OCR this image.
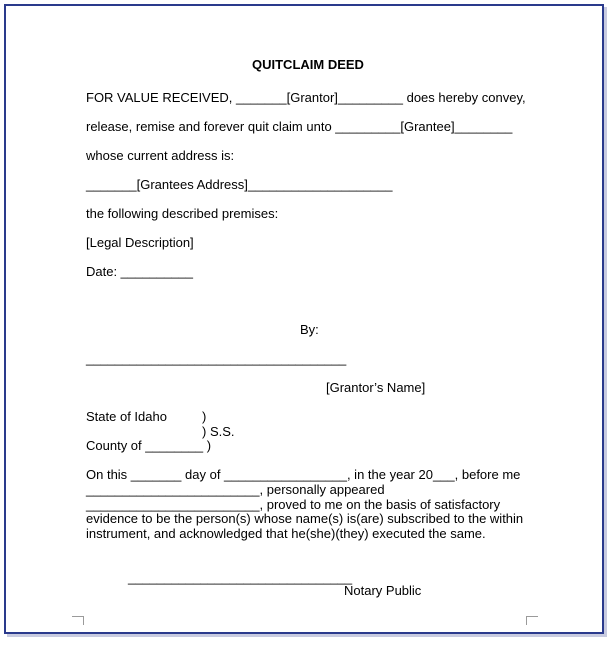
QUITCLAIM DEED
FOR VALUE RECEIVED, _______[Grantor]_________ does hereby convey,
release, remise and forever quit claim unto _________[Grantee]________
whose current address is:
_______[Grantees Address]____________________
the following described premises:
[Legal Description]
Date: __________
By:
____________________________________
[Grantor’s Name]
State of Idaho	)
) S.S.
County of ________ )
On this _______ day of _________________, in the year 20___, before me
________________________, personally appeared
________________________, proved to me on the basis of satisfactory
evidence to be the person(s) whose name(s) is(are) subscribed to the within
instrument, and acknowledged that he(she)(they) executed the same.
_______________________________
Notary Public
